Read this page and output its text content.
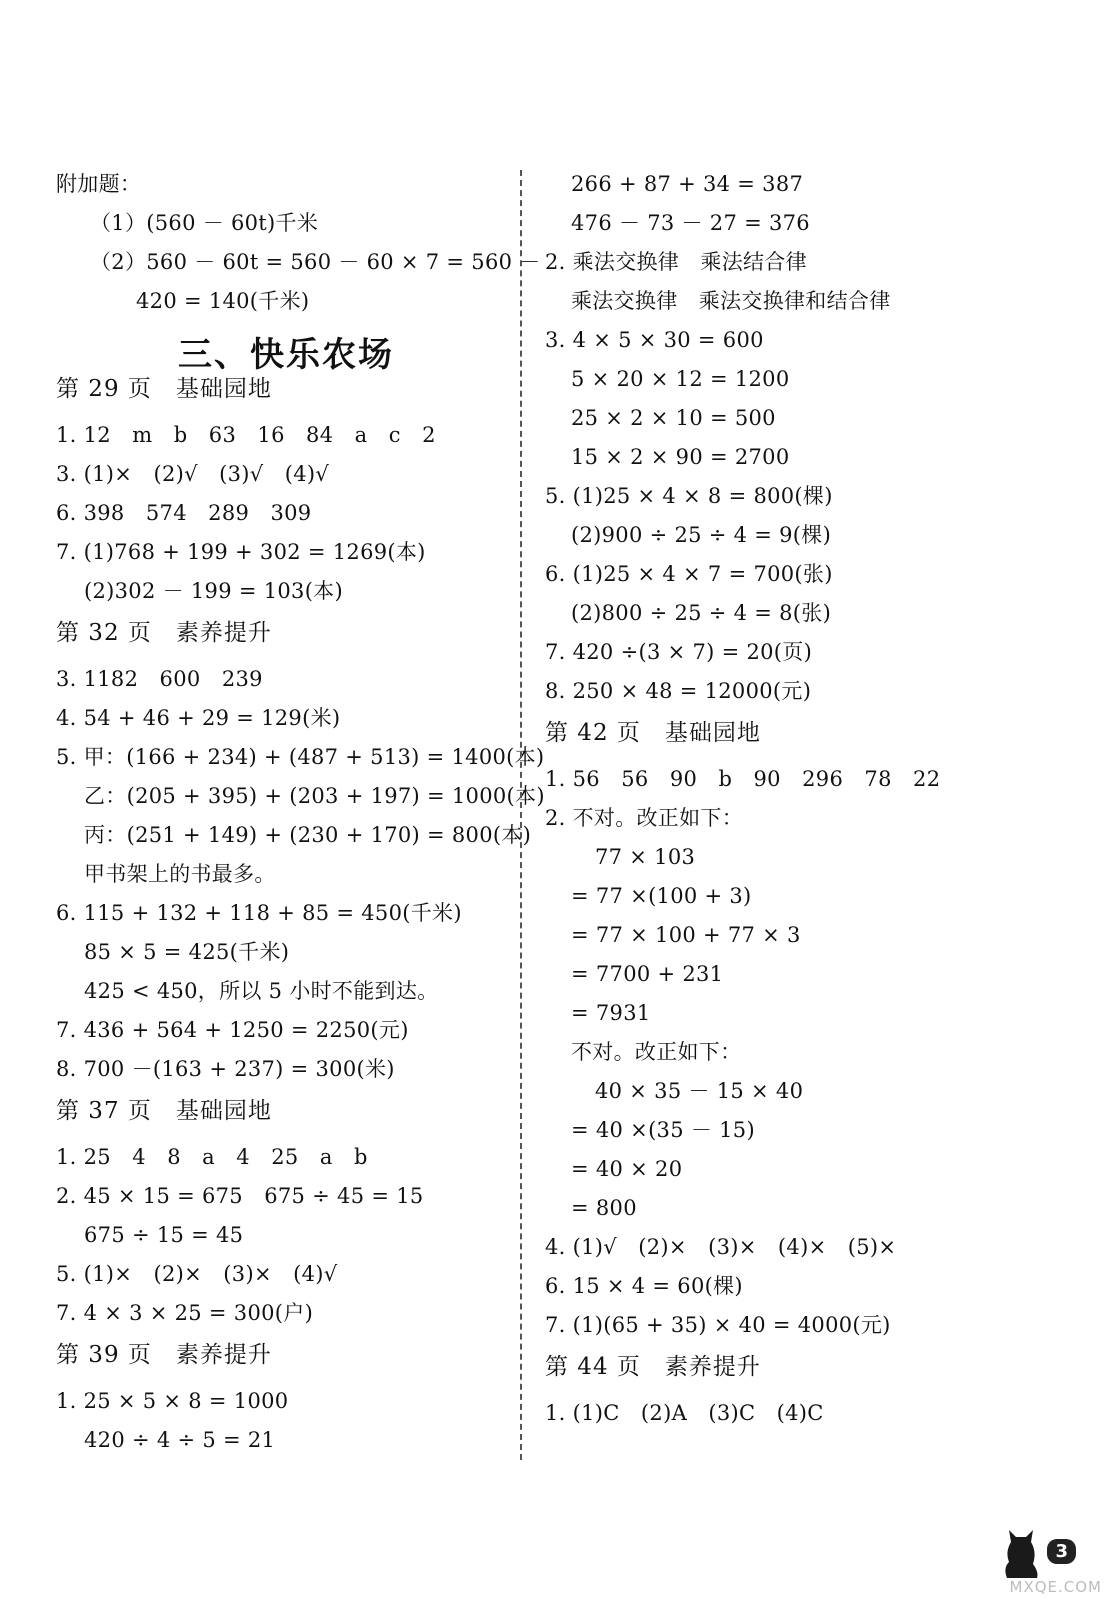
附加题：
（1）(560 － 60t)千米
（2）560 － 60t = 560 － 60 × 7 = 560 －
420 = 140(千米)
第 29 页　基础园地
1. 12　m　b　63　16　84　a　c　2
3. (1)×　(2)√　(3)√　(4)√
6. 398　574　289　309
7. (1)768 + 199 + 302 = 1269(本)
(2)302 － 199 = 103(本)
第 32 页　素养提升
3. 1182　600　239
4. 54 + 46 + 29 = 129(米)
5. 甲：(166 + 234) + (487 + 513) = 1400(本)
乙：(205 + 395) + (203 + 197) = 1000(本)
丙：(251 + 149) + (230 + 170) = 800(本)
甲书架上的书最多。
6. 115 + 132 + 118 + 85 = 450(千米)
85 × 5 = 425(千米)
425 < 450，所以 5 小时不能到达。
7. 436 + 564 + 1250 = 2250(元)
8. 700 －(163 + 237) = 300(米)
第 37 页　基础园地
1. 25　4　8　a　4　25　a　b
2. 45 × 15 = 675　675 ÷ 45 = 15
675 ÷ 15 = 45
5. (1)×　(2)×　(3)×　(4)√
7. 4 × 3 × 25 = 300(户)
第 39 页　素养提升
1. 25 × 5 × 8 = 1000
420 ÷ 4 ÷ 5 = 21
三、快乐农场
266 + 87 + 34 = 387
476 － 73 － 27 = 376
2. 乘法交换律　乘法结合律
乘法交换律　乘法交换律和结合律
3. 4 × 5 × 30 = 600
5 × 20 × 12 = 1200
25 × 2 × 10 = 500
15 × 2 × 90 = 2700
5. (1)25 × 4 × 8 = 800(棵)
(2)900 ÷ 25 ÷ 4 = 9(棵)
6. (1)25 × 4 × 7 = 700(张)
(2)800 ÷ 25 ÷ 4 = 8(张)
7. 420 ÷(3 × 7) = 20(页)
8. 250 × 48 = 12000(元)
第 42 页　基础园地
1. 56　56　90　b　90　296　78　22
2. 不对。改正如下：
77 × 103
= 77 ×(100 + 3)
= 77 × 100 + 77 × 3
= 7700 + 231
= 7931
不对。改正如下：
40 × 35 － 15 × 40
= 40 ×(35 － 15)
= 40 × 20
= 800
4. (1)√　(2)×　(3)×　(4)×　(5)×
6. 15 × 4 = 60(棵)
7. (1)(65 + 35) × 40 = 4000(元)
第 44 页　素养提升
1. (1)C　(2)A　(3)C　(4)C
3
MXQE.COM
